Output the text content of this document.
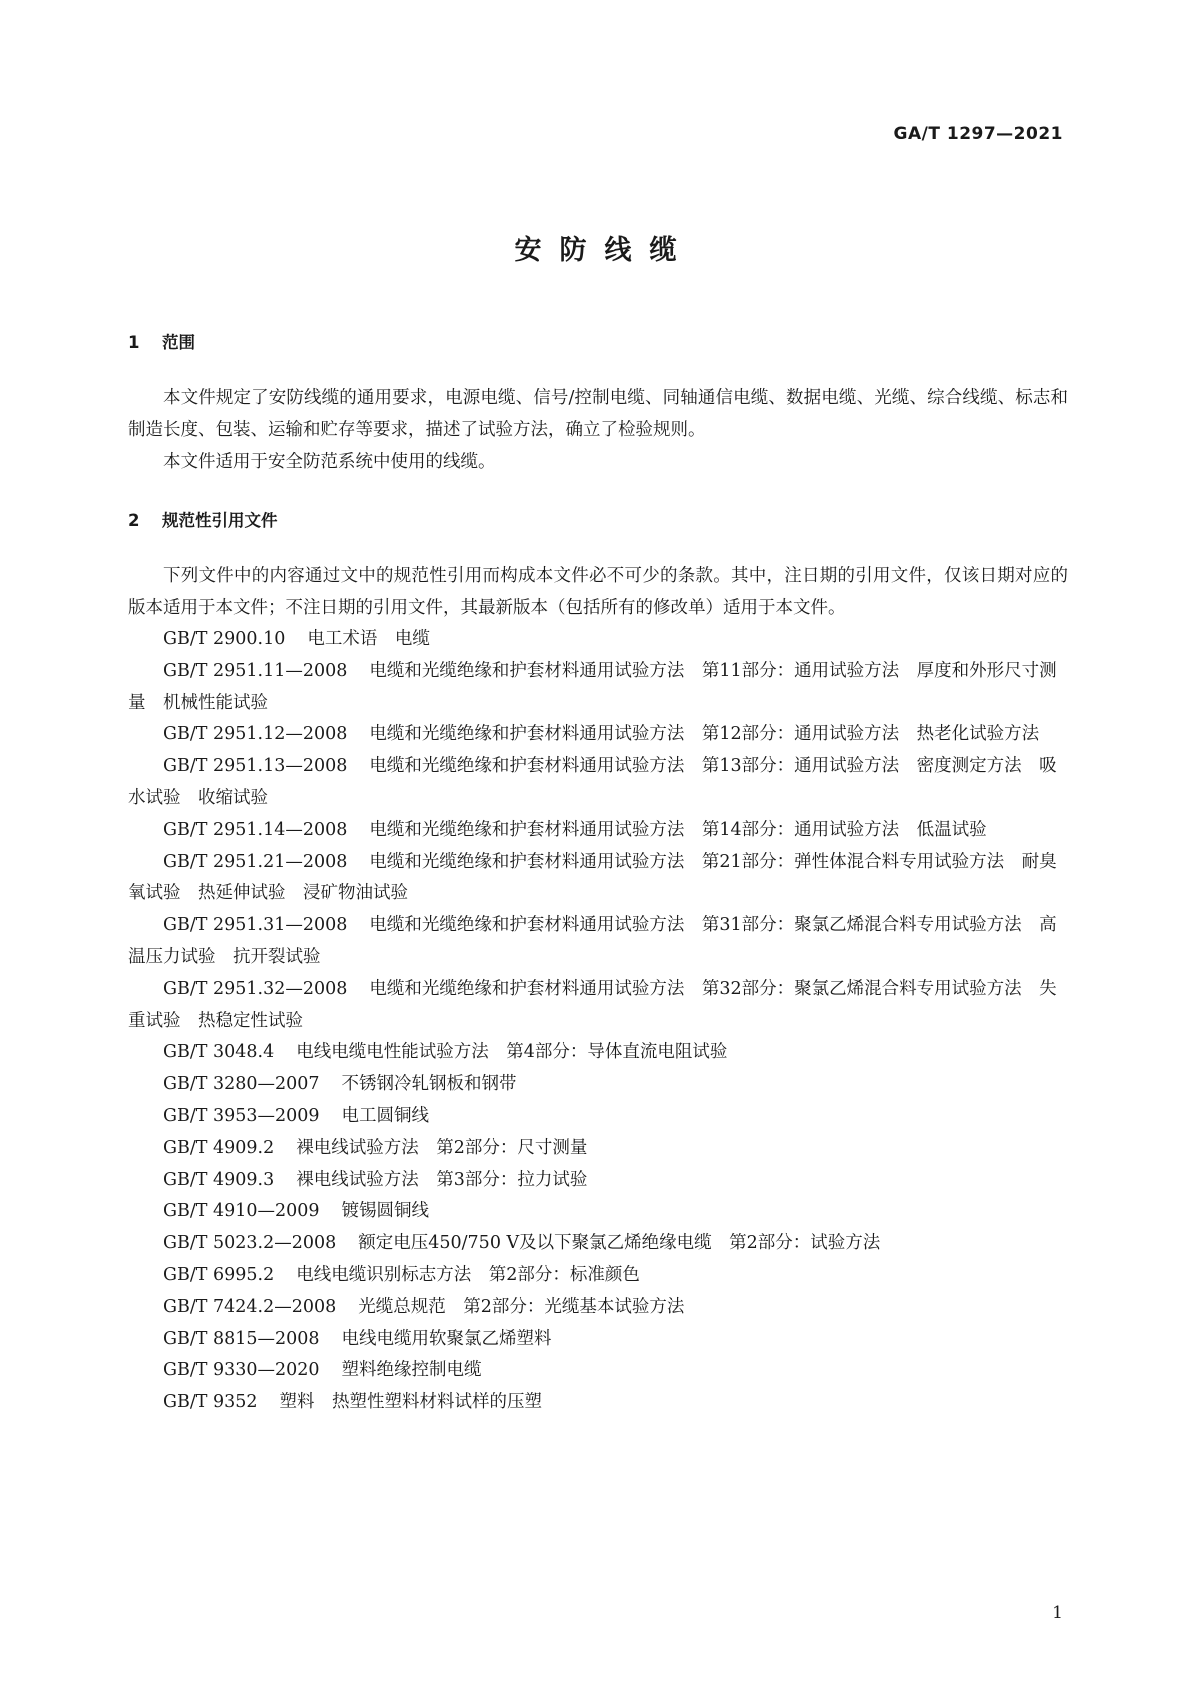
GA/T 1297—2021
安防线缆
1 范围

本文件规定了安防线缆的通用要求，电源电缆、信号/控制电缆、同轴通信电缆、数据电缆、光缆、综合线缆、标志和制造长度、包装、运输和贮存等要求，描述了试验方法，确立了检验规则。

本文件适用于安全防范系统中使用的线缆。

2 规范性引用文件

下列文件中的内容通过文中的规范性引用而构成本文件必不可少的条款。其中，注日期的引用文件，仅该日期对应的版本适用于本文件；不注日期的引用文件，其最新版本（包括所有的修改单）适用于本文件。

GB/T 2900.10 电工术语　电缆

GB/T 2951.11—2008 电缆和光缆绝缘和护套材料通用试验方法　第11部分：通用试验方法　厚度和外形尺寸测量　机械性能试验

GB/T 2951.12—2008 电缆和光缆绝缘和护套材料通用试验方法　第12部分：通用试验方法　热老化试验方法

GB/T 2951.13—2008 电缆和光缆绝缘和护套材料通用试验方法　第13部分：通用试验方法　密度测定方法　吸水试验　收缩试验

GB/T 2951.14—2008 电缆和光缆绝缘和护套材料通用试验方法　第14部分：通用试验方法　低温试验

GB/T 2951.21—2008 电缆和光缆绝缘和护套材料通用试验方法　第21部分：弹性体混合料专用试验方法　耐臭氧试验　热延伸试验　浸矿物油试验

GB/T 2951.31—2008 电缆和光缆绝缘和护套材料通用试验方法　第31部分：聚氯乙烯混合料专用试验方法　高温压力试验　抗开裂试验

GB/T 2951.32—2008 电缆和光缆绝缘和护套材料通用试验方法　第32部分：聚氯乙烯混合料专用试验方法　失重试验　热稳定性试验

GB/T 3048.4 电线电缆电性能试验方法　第4部分：导体直流电阻试验

GB/T 3280—2007 不锈钢冷轧钢板和钢带

GB/T 3953—2009 电工圆铜线

GB/T 4909.2 裸电线试验方法　第2部分：尺寸测量

GB/T 4909.3 裸电线试验方法　第3部分：拉力试验

GB/T 4910—2009 镀锡圆铜线

GB/T 5023.2—2008 额定电压450/750 V及以下聚氯乙烯绝缘电缆　第2部分：试验方法

GB/T 6995.2 电线电缆识别标志方法　第2部分：标准颜色

GB/T 7424.2—2008 光缆总规范　第2部分：光缆基本试验方法

GB/T 8815—2008 电线电缆用软聚氯乙烯塑料

GB/T 9330—2020 塑料绝缘控制电缆

GB/T 9352 塑料　热塑性塑料材料试样的压塑

1
